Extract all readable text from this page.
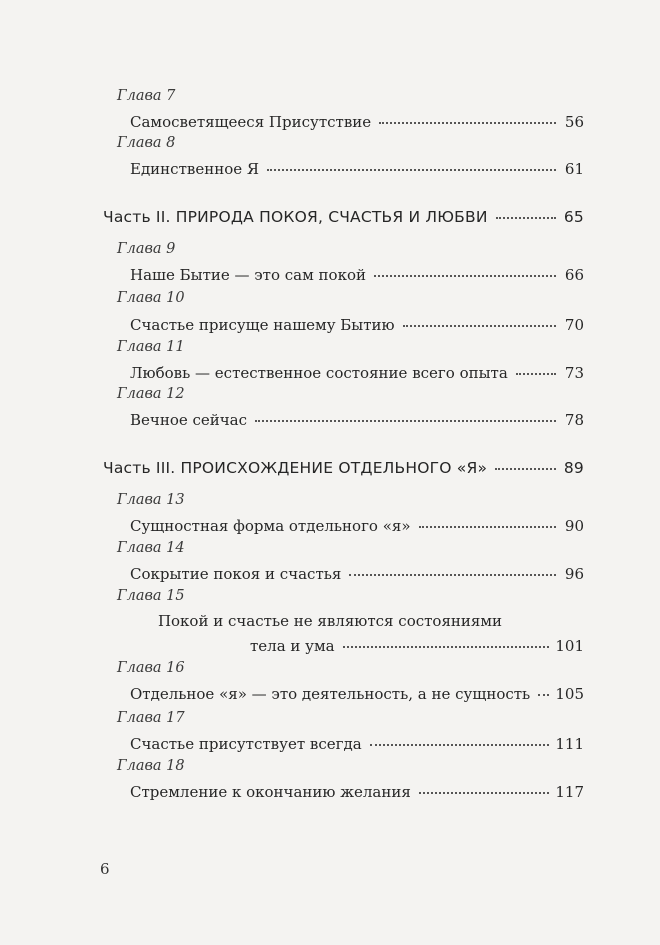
Глава 7
Самосветящееся Присутствие	56
Глава 8
Единственное Я	61
Часть II. ПРИРОДА ПОКОЯ, СЧАСТЬЯ И ЛЮБВИ	65
Глава 9
Наше Бытие — это сам покой	66
Глава 10
Счастье присуще нашему Бытию	70
Глава 11
Любовь — естественное состояние всего опыта	73
Глава 12
Вечное сейчас	78
Часть III. ПРОИСХОЖДЕНИЕ ОТДЕЛЬНОГО «Я»	89
Глава 13
Сущностная форма отдельного «я»	90
Глава 14
Сокрытие покоя и счастья	96
Глава 15
Покой и счастье не являются состояниями
тела и ума	101
Глава 16
Отдельное «я» — это деятельность, а не сущность 105
Глава 17
Счастье присутствует всегда	111
Глава 18
Стремление к окончанию желания	117
6
